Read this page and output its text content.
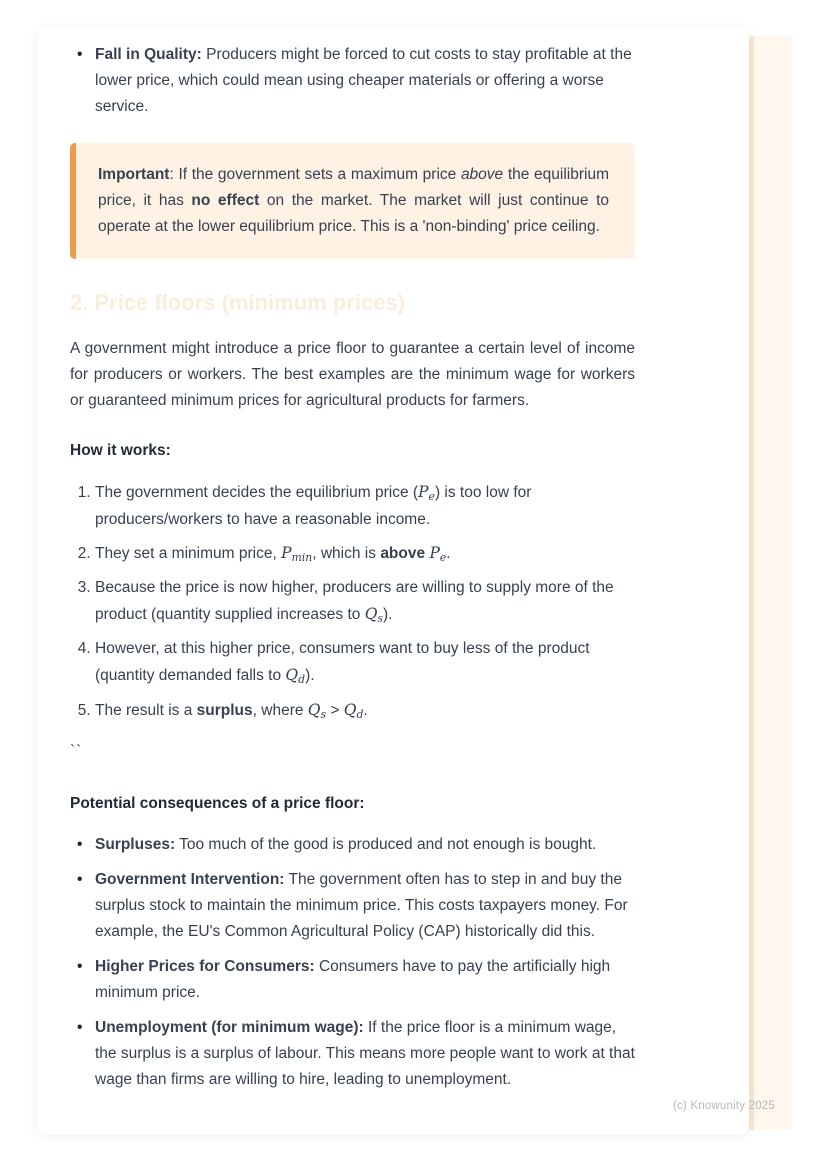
• Fall in Quality: Producers might be forced to cut costs to stay profitable at the lower price, which could mean using cheaper materials or offering a worse service.

Important: If the government sets a maximum price above the equilibrium price, it has no effect on the market. The market will just continue to operate at the lower equilibrium price. This is a 'non-binding' price ceiling.

2. Price floors (minimum prices)

A government might introduce a price floor to guarantee a certain level of income for producers or workers. The best examples are the minimum wage for workers or guaranteed minimum prices for agricultural products for farmers.

How it works:

1. The government decides the equilibrium price $(P_e)$ is too low for producers/workers to have a reasonable income.
2. They set a minimum price, $P_{min}$, which is above $P_e$.
3. Because the price is now higher, producers are willing to supply more of the product (quantity supplied increases to $Q_s$).
4. However, at this higher price, consumers want to buy less of the product (quantity demanded falls to $Q_d$).
5. The result is a surplus, where $Q_s > Q_d$.

``

Potential consequences of a price floor:

• Surpluses: Too much of the good is produced and not enough is bought.
• Government Intervention: The government often has to step in and buy the surplus stock to maintain the minimum price. This costs taxpayers money. For example, the EU's Common Agricultural Policy (CAP) historically did this.
• Higher Prices for Consumers: Consumers have to pay the artificially high minimum price.
• Unemployment (for minimum wage): If the price floor is a minimum wage, the surplus is a surplus of labour. This means more people want to work at that wage than firms are willing to hire, leading to unemployment.
(c) Knowunity 2025
